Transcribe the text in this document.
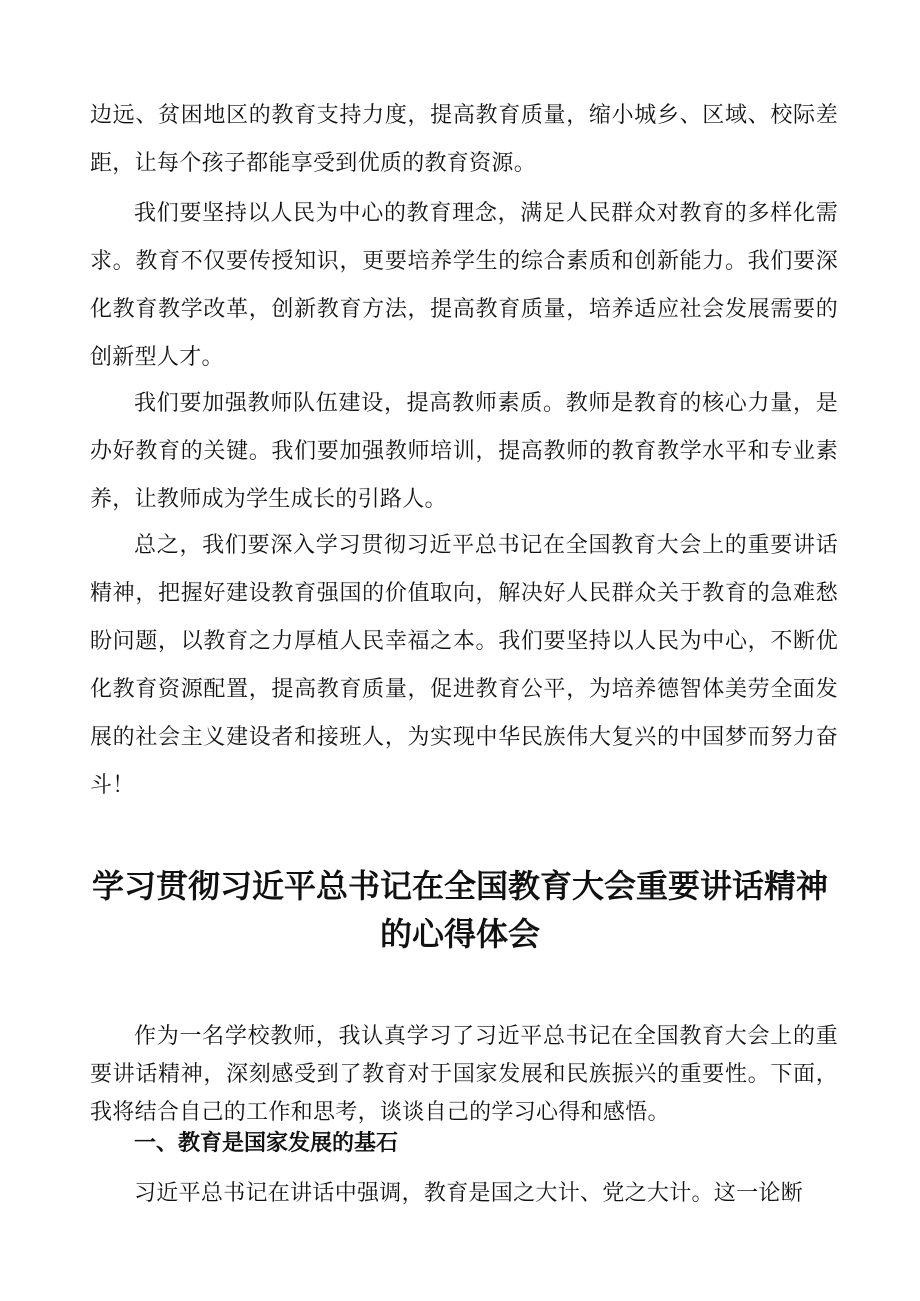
边远、贫困地区的教育支持力度，提高教育质量，缩小城乡、区域、校际差距，让每个孩子都能享受到优质的教育资源。

我们要坚持以人民为中心的教育理念，满足人民群众对教育的多样化需求。教育不仅要传授知识，更要培养学生的综合素质和创新能力。我们要深化教育教学改革，创新教育方法，提高教育质量，培养适应社会发展需要的创新型人才。

我们要加强教师队伍建设，提高教师素质。教师是教育的核心力量，是办好教育的关键。我们要加强教师培训，提高教师的教育教学水平和专业素养，让教师成为学生成长的引路人。

总之，我们要深入学习贯彻习近平总书记在全国教育大会上的重要讲话精神，把握好建设教育强国的价值取向，解决好人民群众关于教育的急难愁盼问题，以教育之力厚植人民幸福之本。我们要坚持以人民为中心，不断优化教育资源配置，提高教育质量，促进教育公平，为培养德智体美劳全面发展的社会主义建设者和接班人，为实现中华民族伟大复兴的中国梦而努力奋斗！

学习贯彻习近平总书记在全国教育大会重要讲话精神的心得体会

作为一名学校教师，我认真学习了习近平总书记在全国教育大会上的重要讲话精神，深刻感受到了教育对于国家发展和民族振兴的重要性。下面，我将结合自己的工作和思考，谈谈自己的学习心得和感悟。

一、教育是国家发展的基石

习近平总书记在讲话中强调，教育是国之大计、党之大计。这一论断
